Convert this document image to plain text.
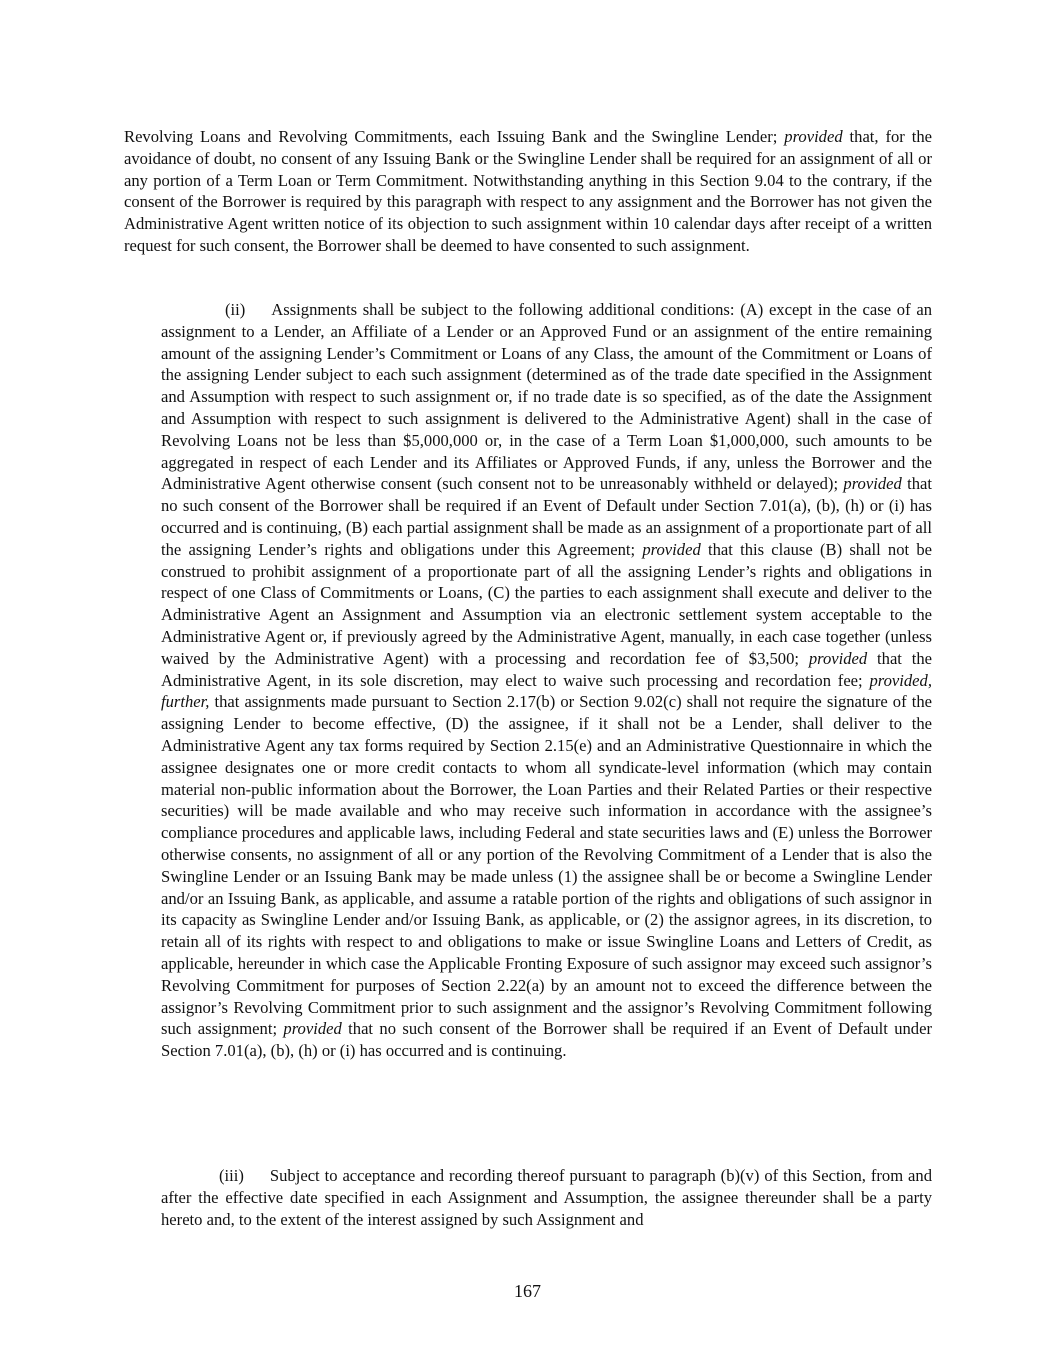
Revolving Loans and Revolving Commitments, each Issuing Bank and the Swingline Lender; provided that, for the avoidance of doubt, no consent of any Issuing Bank or the Swingline Lender shall be required for an assignment of all or any portion of a Term Loan or Term Commitment. Notwithstanding anything in this Section 9.04 to the contrary, if the consent of the Borrower is required by this paragraph with respect to any assignment and the Borrower has not given the Administrative Agent written notice of its objection to such assignment within 10 calendar days after receipt of a written request for such consent, the Borrower shall be deemed to have consented to such assignment.

(ii) Assignments shall be subject to the following additional conditions: (A) except in the case of an assignment to a Lender, an Affiliate of a Lender or an Approved Fund or an assignment of the entire remaining amount of the assigning Lender’s Commitment or Loans of any Class, the amount of the Commitment or Loans of the assigning Lender subject to each such assignment (determined as of the trade date specified in the Assignment and Assumption with respect to such assignment or, if no trade date is so specified, as of the date the Assignment and Assumption with respect to such assignment is delivered to the Administrative Agent) shall in the case of Revolving Loans not be less than $5,000,000 or, in the case of a Term Loan $1,000,000, such amounts to be aggregated in respect of each Lender and its Affiliates or Approved Funds, if any, unless the Borrower and the Administrative Agent otherwise consent (such consent not to be unreasonably withheld or delayed); provided that no such consent of the Borrower shall be required if an Event of Default under Section 7.01(a), (b), (h) or (i) has occurred and is continuing, (B) each partial assignment shall be made as an assignment of a proportionate part of all the assigning Lender’s rights and obligations under this Agreement; provided that this clause (B) shall not be construed to prohibit assignment of a proportionate part of all the assigning Lender’s rights and obligations in respect of one Class of Commitments or Loans, (C) the parties to each assignment shall execute and deliver to the Administrative Agent an Assignment and Assumption via an electronic settlement system acceptable to the Administrative Agent or, if previously agreed by the Administrative Agent, manually, in each case together (unless waived by the Administrative Agent) with a processing and recordation fee of $3,500; provided that the Administrative Agent, in its sole discretion, may elect to waive such processing and recordation fee; provided, further, that assignments made pursuant to Section 2.17(b) or Section 9.02(c) shall not require the signature of the assigning Lender to become effective, (D) the assignee, if it shall not be a Lender, shall deliver to the Administrative Agent any tax forms required by Section 2.15(e) and an Administrative Questionnaire in which the assignee designates one or more credit contacts to whom all syndicate-level information (which may contain material non-public information about the Borrower, the Loan Parties and their Related Parties or their respective securities) will be made available and who may receive such information in accordance with the assignee’s compliance procedures and applicable laws, including Federal and state securities laws and (E) unless the Borrower otherwise consents, no assignment of all or any portion of the Revolving Commitment of a Lender that is also the Swingline Lender or an Issuing Bank may be made unless (1) the assignee shall be or become a Swingline Lender and/or an Issuing Bank, as applicable, and assume a ratable portion of the rights and obligations of such assignor in its capacity as Swingline Lender and/or Issuing Bank, as applicable, or (2) the assignor agrees, in its discretion, to retain all of its rights with respect to and obligations to make or issue Swingline Loans and Letters of Credit, as applicable, hereunder in which case the Applicable Fronting Exposure of such assignor may exceed such assignor’s Revolving Commitment for purposes of Section 2.22(a) by an amount not to exceed the difference between the assignor’s Revolving Commitment prior to such assignment and the assignor’s Revolving Commitment following such assignment; provided that no such consent of the Borrower shall be required if an Event of Default under Section 7.01(a), (b), (h) or (i) has occurred and is continuing.

(iii) Subject to acceptance and recording thereof pursuant to paragraph (b)(v) of this Section, from and after the effective date specified in each Assignment and Assumption, the assignee thereunder shall be a party hereto and, to the extent of the interest assigned by such Assignment and

167
